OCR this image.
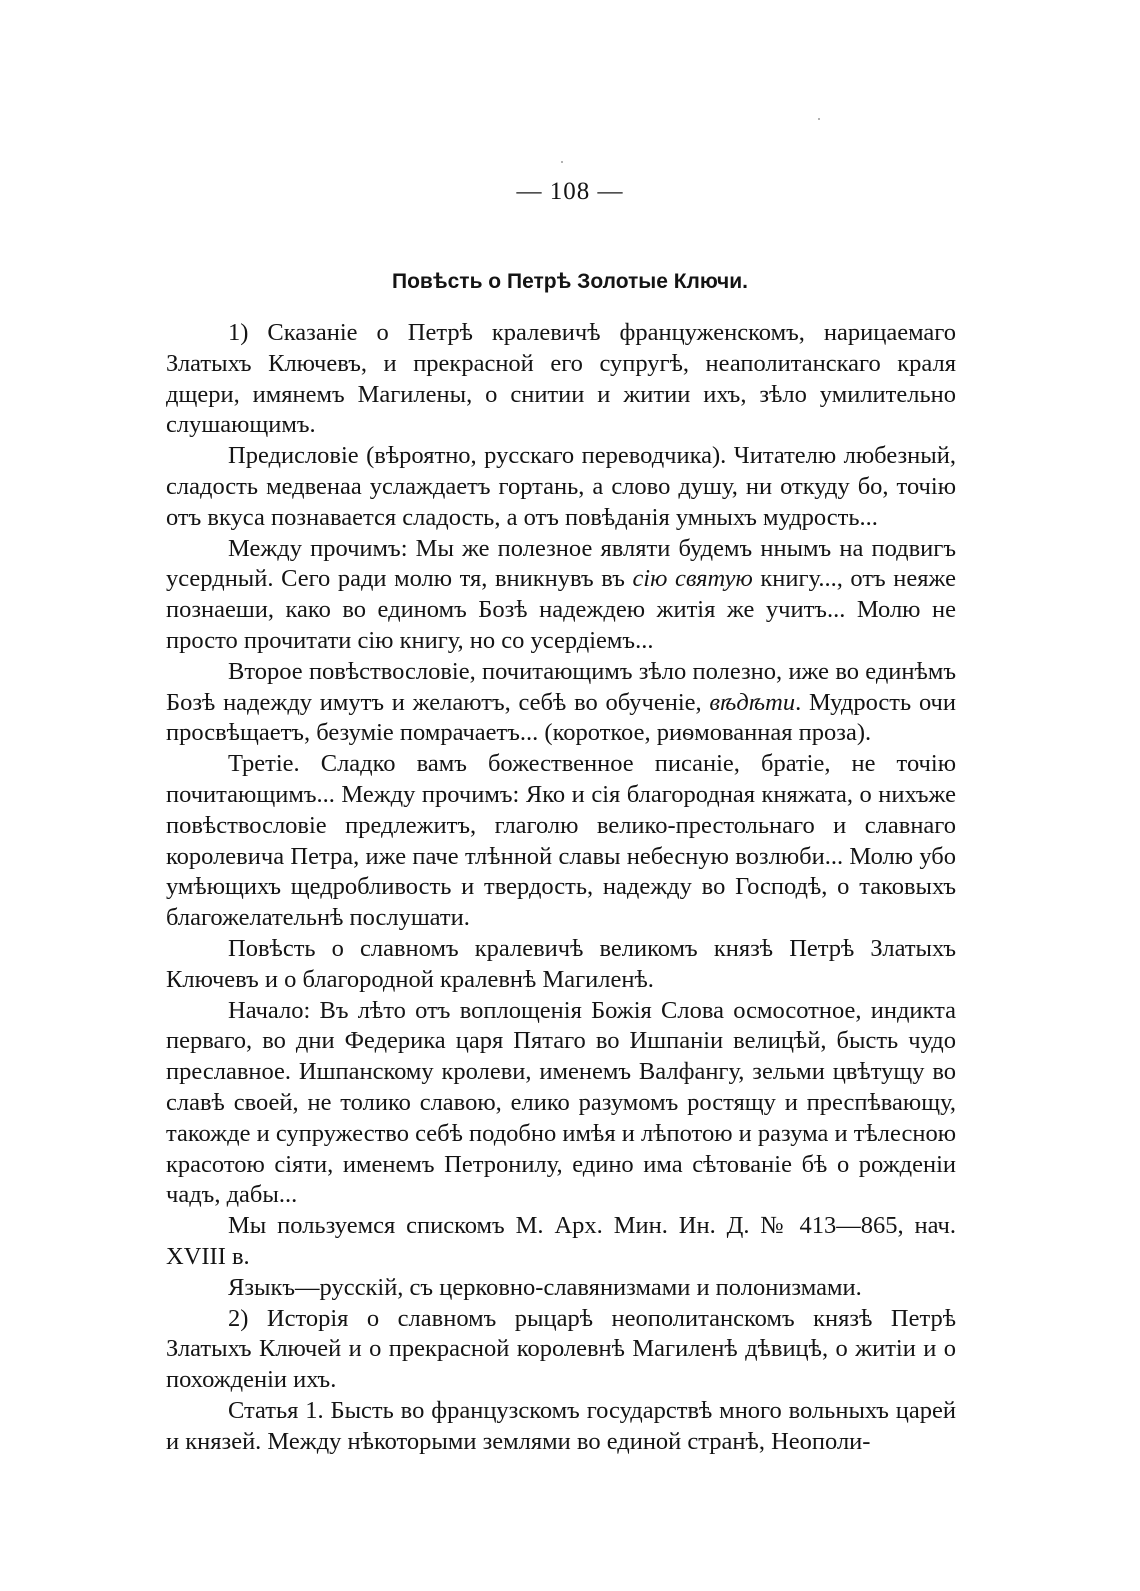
— 108 —
Повѣсть о Петрѣ Золотые Ключи.

1) Сказаніе о Петрѣ кралевичѣ француженскомъ, нарицаемаго Златыхъ Ключевъ, и прекрасной его супругѣ, неаполитанскаго краля дщери, имянемъ Магилены, о снитии и житии ихъ, зѣло умилительно слушающимъ.

Предисловіе (вѣроятно, русскаго переводчика). Читателю любезный, сладость медвенаа услаждаетъ гортань, а слово душу, ни откуду бо, точію отъ вкуса познавается сладость, а отъ повѣданія умныхъ мудрость...

Между прочимъ: Мы же полезное являти будемъ ннымъ на подвигъ усердный. Сего ради молю тя, вникнувъ въ сію святую книгу..., отъ неяже познаеши, како во единомъ Бозѣ надеждею житія же учитъ... Молю не просто прочитати сію книгу, но со усердіемъ...

Второе повѣствословіе, почитающимъ зѣло полезно, иже во единѣмъ Бозѣ надежду имутъ и желаютъ, себѣ во обученіе, вѣдѣти. Мудрость очи просвѣщаетъ, безуміе помрачаетъ... (короткое, риѳмованная проза).

Третіе. Сладко вамъ божественное писаніе, братіе, не точію почитающимъ... Между прочимъ: Яко и сія благородная княжата, о нихъже повѣствословіе предлежитъ, глаголю велико-престольнаго и славнаго королевича Петра, иже паче тлѣнной славы небесную возлюби... Молю убо умѣющихъ щедробливость и твердость, надежду во Господѣ, о таковыхъ благожелательнѣ послушати.

Повѣсть о славномъ кралевичѣ великомъ князѣ Петрѣ Златыхъ Ключевъ и о благородной кралевнѣ Магиленѣ.

Начало: Въ лѣто отъ воплощенія Божія Слова осмосотное, индикта перваго, во дни Федерика царя Пятаго во Ишпаніи велицѣй, бысть чудо преславное. Ишпанскому кролеви, именемъ Валфангу, зельми цвѣтущу во славѣ своей, не толико славою, елико разумомъ ростящу и преспѣвающу, такожде и супружество себѣ подобно имѣя и лѣпотою и разума и тѣлесною красотою сіяти, именемъ Петронилу, едино има сѣтованіе бѣ о рожденіи чадъ, дабы...

Мы пользуемся спискомъ М. Арх. Мин. Ин. Д. № 413—865, нач. XVIII в.

Языкъ—русскій, съ церковно-славянизмами и полонизмами.

2) Исторія о славномъ рыцарѣ неополитанскомъ князѣ Петрѣ Златыхъ Ключей и о прекрасной королевнѣ Магиленѣ дѣвицѣ, о житіи и о похожденіи ихъ.

Статья 1. Бысть во французскомъ государствѣ много вольныхъ царей и князей. Между нѣкоторыми землями во единой странѣ, Неополи-
